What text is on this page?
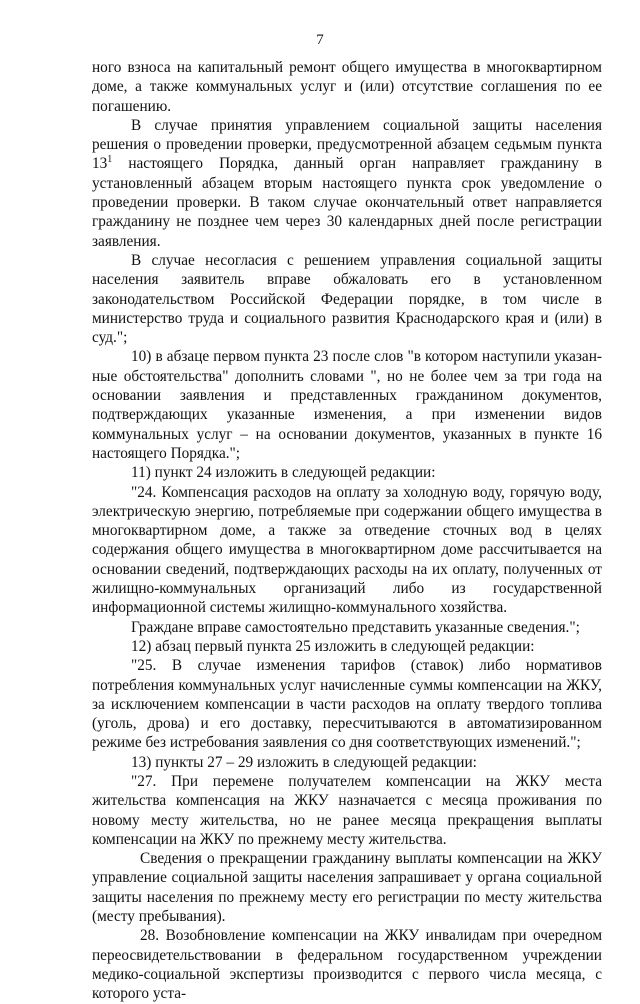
7

ного взноса на капитальный ремонт общего имущества в многоквартирном доме, а также коммунальных услуг и (или) отсутствие соглашения по ее погашению.

В случае принятия управлением социальной защиты населения решения о проведении проверки, предусмотренной абзацем седьмым пункта $13^1$ настоящего Порядка, данный орган направляет гражданину в установленный абзацем вторым настоящего пункта срок уведомление о проведении проверки. В таком случае окончательный ответ направляется гражданину не позднее чем через 30 календарных дней после регистрации заявления.

В случае несогласия с решением управления социальной защиты населения заявитель вправе обжаловать его в установленном законодательством Российской Федерации порядке, в том числе в министерство труда и социального развития Краснодарского края и (или) в суд.";

10) в абзаце первом пункта 23 после слов "в котором наступили указанные обстоятельства" дополнить словами ", но не более чем за три года на основании заявления и представленных гражданином документов, подтверждающих указанные изменения, а при изменении видов коммунальных услуг – на основании документов, указанных в пункте 16 настоящего Порядка.";

11) пункт 24 изложить в следующей редакции:

"24. Компенсация расходов на оплату за холодную воду, горячую воду, электрическую энергию, потребляемые при содержании общего имущества в многоквартирном доме, а также за отведение сточных вод в целях содержания общего имущества в многоквартирном доме рассчитывается на основании сведений, подтверждающих расходы на их оплату, полученных от жилищно-коммунальных организаций либо из государственной информационной системы жилищно-коммунального хозяйства.

Граждане вправе самостоятельно представить указанные сведения.";

12) абзац первый пункта 25 изложить в следующей редакции:

"25. В случае изменения тарифов (ставок) либо нормативов потребления коммунальных услуг начисленные суммы компенсации на ЖКУ, за исключением компенсации в части расходов на оплату твердого топлива (уголь, дрова) и его доставку, пересчитываются в автоматизированном режиме без истребования заявления со дня соответствующих изменений.";

13) пункты 27 – 29 изложить в следующей редакции:

"27. При перемене получателем компенсации на ЖКУ места жительства компенсация на ЖКУ назначается с месяца проживания по новому месту жительства, но не ранее месяца прекращения выплаты компенсации на ЖКУ по прежнему месту жительства.

Сведения о прекращении гражданину выплаты компенсации на ЖКУ управление социальной защиты населения запрашивает у органа социальной защиты населения по прежнему месту его регистрации по месту жительства (месту пребывания).

28. Возобновление компенсации на ЖКУ инвалидам при очередном переосвидетельствовании в федеральном государственном учреждении медико-социальной экспертизы производится с первого числа месяца, с которого уста-
